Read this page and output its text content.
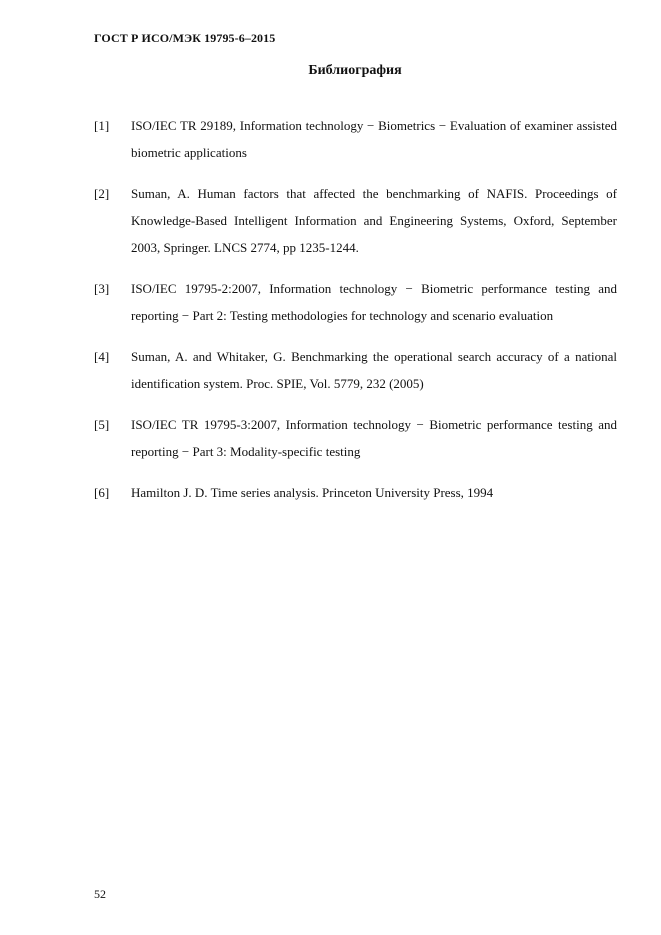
ГОСТ Р ИСО/МЭК 19795-6–2015
Библиография
[1]	ISO/IEC TR 29189, Information technology − Biometrics − Evaluation of examiner assisted biometric applications
[2]	Suman, A. Human factors that affected the benchmarking of NAFIS. Proceedings of Knowledge-Based Intelligent Information and Engineering Systems, Oxford, September 2003, Springer. LNCS 2774, pp 1235-1244.
[3]	ISO/IEC 19795-2:2007, Information technology − Biometric performance testing and reporting − Part 2: Testing methodologies for technology and scenario evaluation
[4]	Suman, A. and Whitaker, G. Benchmarking the operational search accuracy of a national identification system. Proc. SPIE, Vol. 5779, 232 (2005)
[5]	ISO/IEC TR 19795-3:2007, Information technology − Biometric performance testing and reporting − Part 3: Modality-specific testing
[6]	Hamilton J. D. Time series analysis. Princeton University Press, 1994
52
